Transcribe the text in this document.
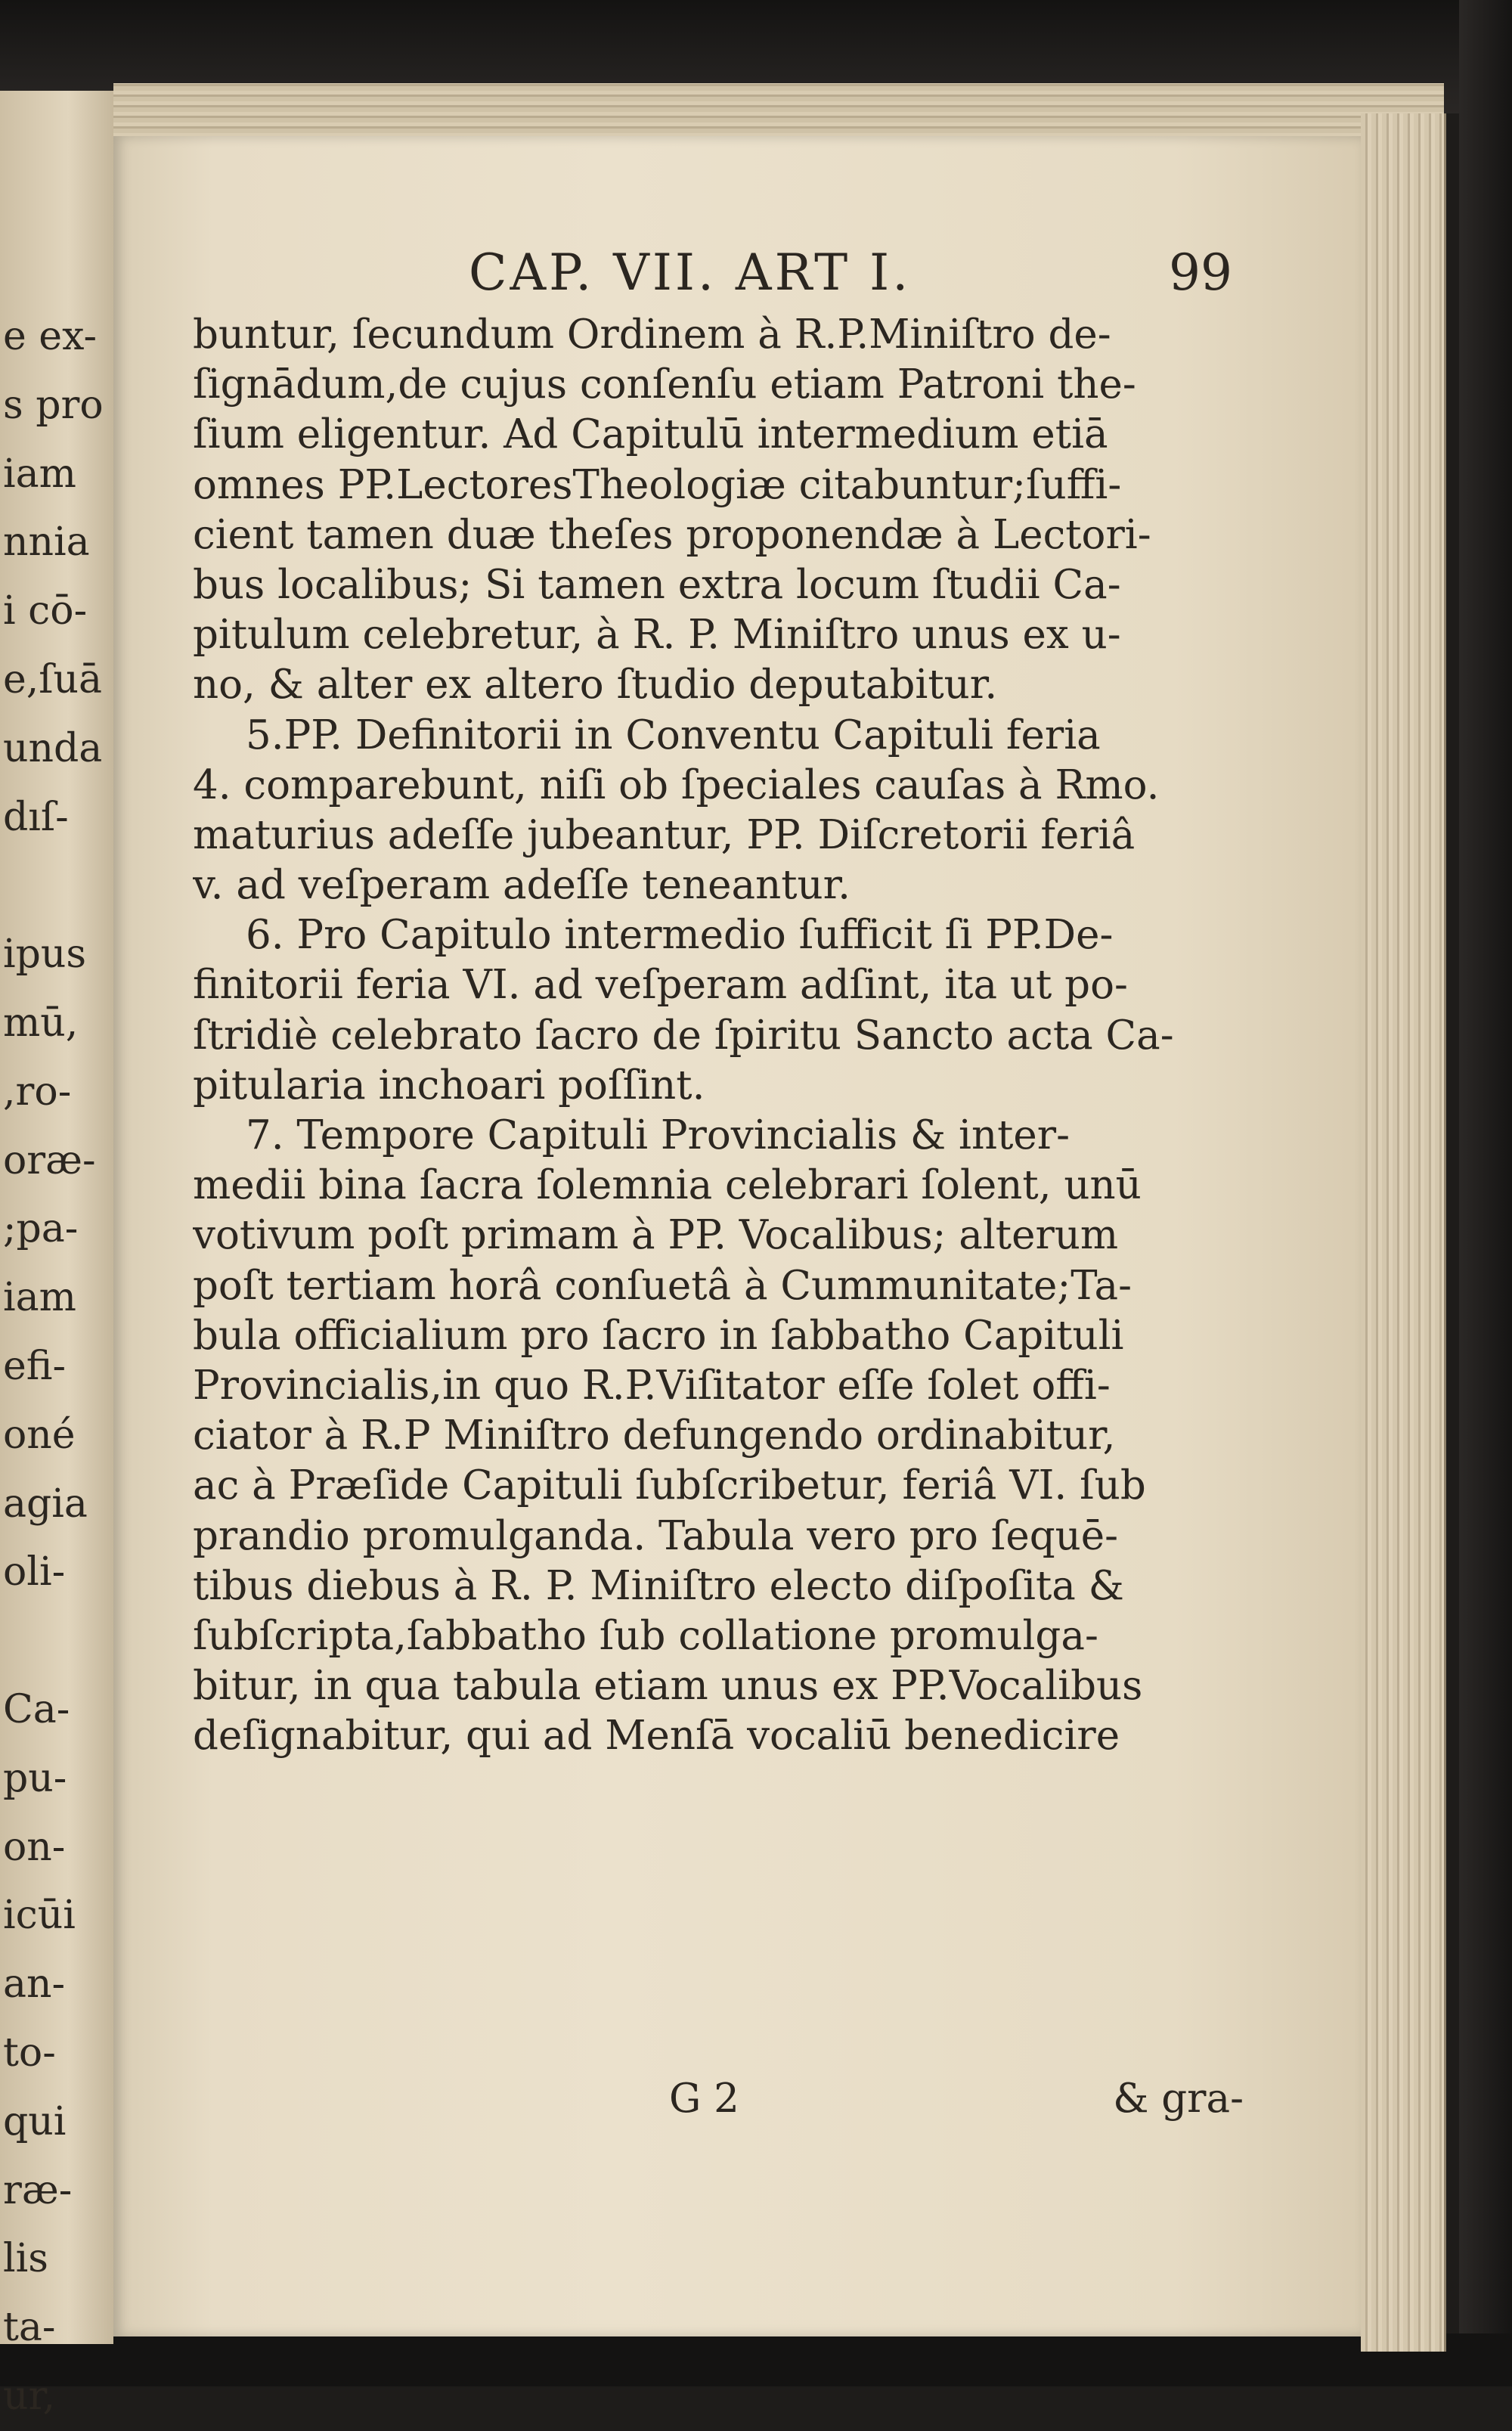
e ex-
s pro
iam
nnia
i cō-
e,ſuā
unda
dıſ-
ipus
mū,
,ro-
oræ-
;pa-
iam
efi-
oné
agia
oli-
Ca-
pu-
on-
icūi
an-
to-
qui
ræ-
lis
ta-
ur,
CAP. VII. ART I.	99
buntur, ſecundum Ordinem à R.P.Miniſtro de-
ſignādum,de cujus conſenſu etiam Patroni the-
ſium eligentur. Ad Capitulū intermedium etiā
omnes PP.LectoresTheologiæ citabuntur;ſuffi-
cient tamen duæ theſes proponendæ à Lectori-
bus localibus; Si tamen extra locum ſtudii Ca-
pitulum celebretur, à R. P. Miniſtro unus ex u-
no, & alter ex altero ſtudio deputabitur.
5.PP. Definitorii in Conventu Capituli feria
4. comparebunt, niſi ob ſpeciales cauſas à Rmo.
maturius adeſſe jubeantur, PP. Diſcretorii feriâ
v. ad veſperam adeſſe teneantur.
6. Pro Capitulo intermedio ſufficit ſi PP.De-
finitorii feria VI. ad veſperam adſint, ita ut po-
ſtridiè celebrato ſacro de ſpiritu Sancto acta Ca-
pitularia inchoari poſſint.
7. Tempore Capituli Provincialis & inter-
medii bina ſacra ſolemnia celebrari ſolent, unū
votivum poſt primam à PP. Vocalibus; alterum
poſt tertiam horâ conſuetâ à Cummunitate;Ta-
bula officialium pro ſacro in ſabbatho Capituli
Provincialis,in quo R.P.Viſitator eſſe ſolet offi-
ciator à R.P Miniſtro defungendo ordinabitur,
ac à Præſide Capituli ſubſcribetur, feriâ VI. ſub
prandio promulganda. Tabula vero pro ſequē-
tibus diebus à R. P. Miniſtro electo diſpoſita &
ſubſcripta,ſabbatho ſub collatione promulga-
bitur, in qua tabula etiam unus ex PP.Vocalibus
deſignabitur, qui ad Menſā vocaliū benedicire
G 2	& gra-
